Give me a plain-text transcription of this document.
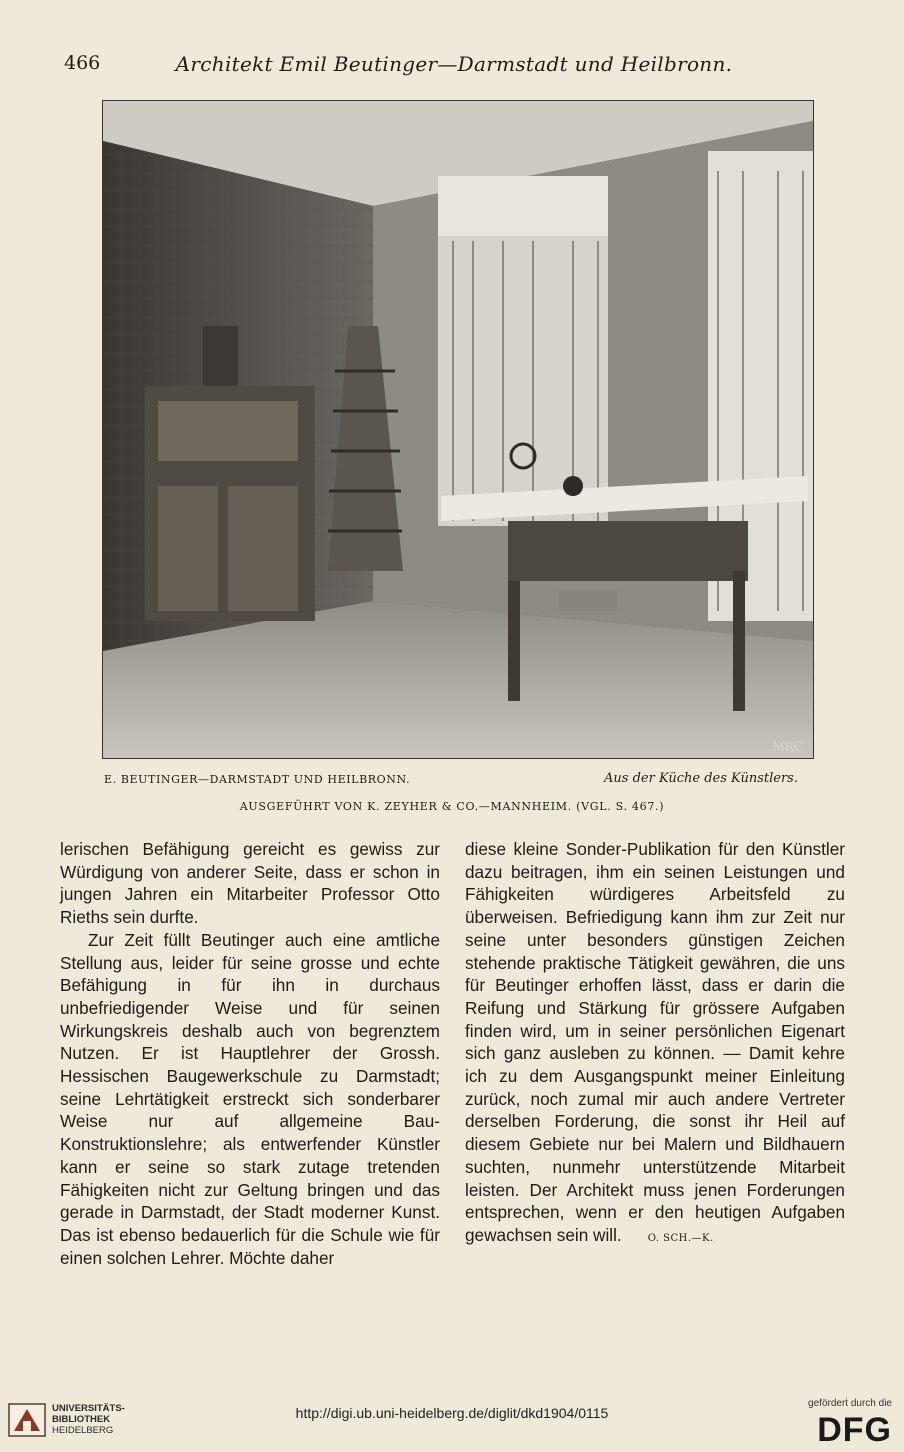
466	Architekt Emil Beutinger—Darmstadt und Heilbronn.
MRC
E. BEUTINGER—DARMSTADT UND HEILBRONN.	Aus der Küche des Künstlers.
AUSGEFÜHRT VON K. ZEYHER & CO.—MANNHEIM. (VGL. S. 467.)

lerischen Befähigung gereicht es gewiss zur Würdigung von anderer Seite, dass er schon in jungen Jahren ein Mitarbeiter Professor Otto Rieths sein durfte.

Zur Zeit füllt Beutinger auch eine amtliche Stellung aus, leider für seine grosse und echte Befähigung in für ihn in durchaus unbefriedigender Weise und für seinen Wirkungskreis deshalb auch von begrenztem Nutzen. Er ist Hauptlehrer der Grossh. Hessischen Baugewerkschule zu Darmstadt; seine Lehrtätigkeit erstreckt sich sonderbarer Weise nur auf allgemeine Bau-Konstruktionslehre; als entwerfender Künstler kann er seine so stark zutage tretenden Fähigkeiten nicht zur Geltung bringen und das gerade in Darmstadt, der Stadt moderner Kunst. Das ist ebenso bedauerlich für die Schule wie für einen solchen Lehrer. Möchte daher

diese kleine Sonder-Publikation für den Künstler dazu beitragen, ihm ein seinen Leistungen und Fähigkeiten würdigeres Arbeitsfeld zu überweisen. Befriedigung kann ihm zur Zeit nur seine unter besonders günstigen Zeichen stehende praktische Tätigkeit gewähren, die uns für Beutinger erhoffen lässt, dass er darin die Reifung und Stärkung für grössere Aufgaben finden wird, um in seiner persönlichen Eigenart sich ganz ausleben zu können. — Damit kehre ich zu dem Ausgangspunkt meiner Einleitung zurück, noch zumal mir auch andere Vertreter derselben Forderung, die sonst ihr Heil auf diesem Gebiete nur bei Malern und Bildhauern suchten, nunmehr unterstützende Mitarbeit leisten. Der Architekt muss jenen Forderungen entsprechen, wenn er den heutigen Aufgaben gewachsen sein will.	O. SCH.—K.

UNIVERSITÄTS-
BIBLIOTHEK
HEIDELBERG
http://digi.ub.uni-heidelberg.de/diglit/dkd1904/0115
gefördert durch die
DFG
